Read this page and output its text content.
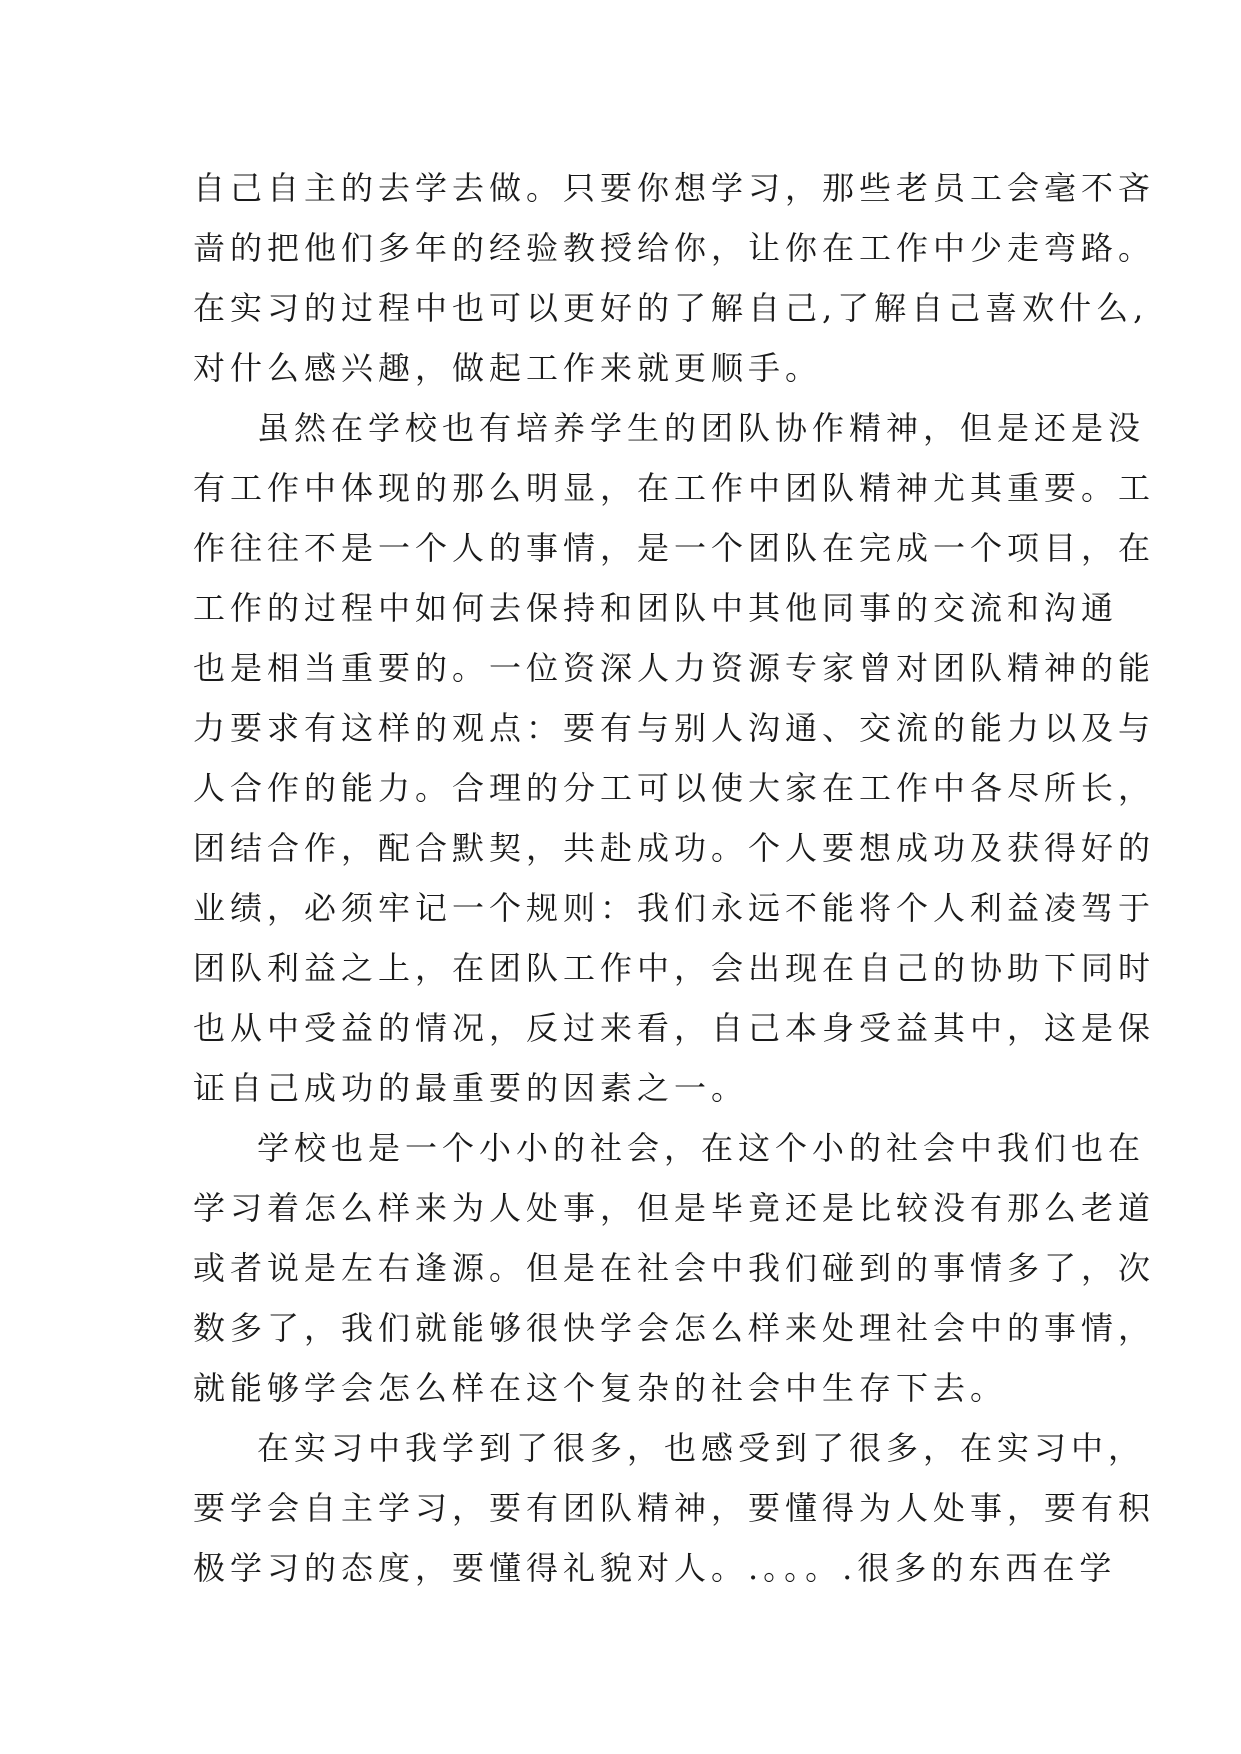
自己自主的去学去做。只要你想学习，那些老员工会毫不吝
啬的把他们多年的经验教授给你，让你在工作中少走弯路。
在实习的过程中也可以更好的了解自己,了解自己喜欢什么,
对什么感兴趣，做起工作来就更顺手。
虽然在学校也有培养学生的团队协作精神，但是还是没
有工作中体现的那么明显，在工作中团队精神尤其重要。工
作往往不是一个人的事情，是一个团队在完成一个项目，在
工作的过程中如何去保持和团队中其他同事的交流和沟通
也是相当重要的。一位资深人力资源专家曾对团队精神的能
力要求有这样的观点：要有与别人沟通、交流的能力以及与
人合作的能力。合理的分工可以使大家在工作中各尽所长，
团结合作，配合默契，共赴成功。个人要想成功及获得好的
业绩，必须牢记一个规则：我们永远不能将个人利益凌驾于
团队利益之上，在团队工作中，会出现在自己的协助下同时
也从中受益的情况，反过来看，自己本身受益其中，这是保
证自己成功的最重要的因素之一。
学校也是一个小小的社会，在这个小的社会中我们也在
学习着怎么样来为人处事，但是毕竟还是比较没有那么老道
或者说是左右逢源。但是在社会中我们碰到的事情多了，次
数多了，我们就能够很快学会怎么样来处理社会中的事情，
就能够学会怎么样在这个复杂的社会中生存下去。
在实习中我学到了很多，也感受到了很多，在实习中，
要学会自主学习，要有团队精神，要懂得为人处事，要有积
极学习的态度，要懂得礼貌对人。.。。。.很多的东西在学
